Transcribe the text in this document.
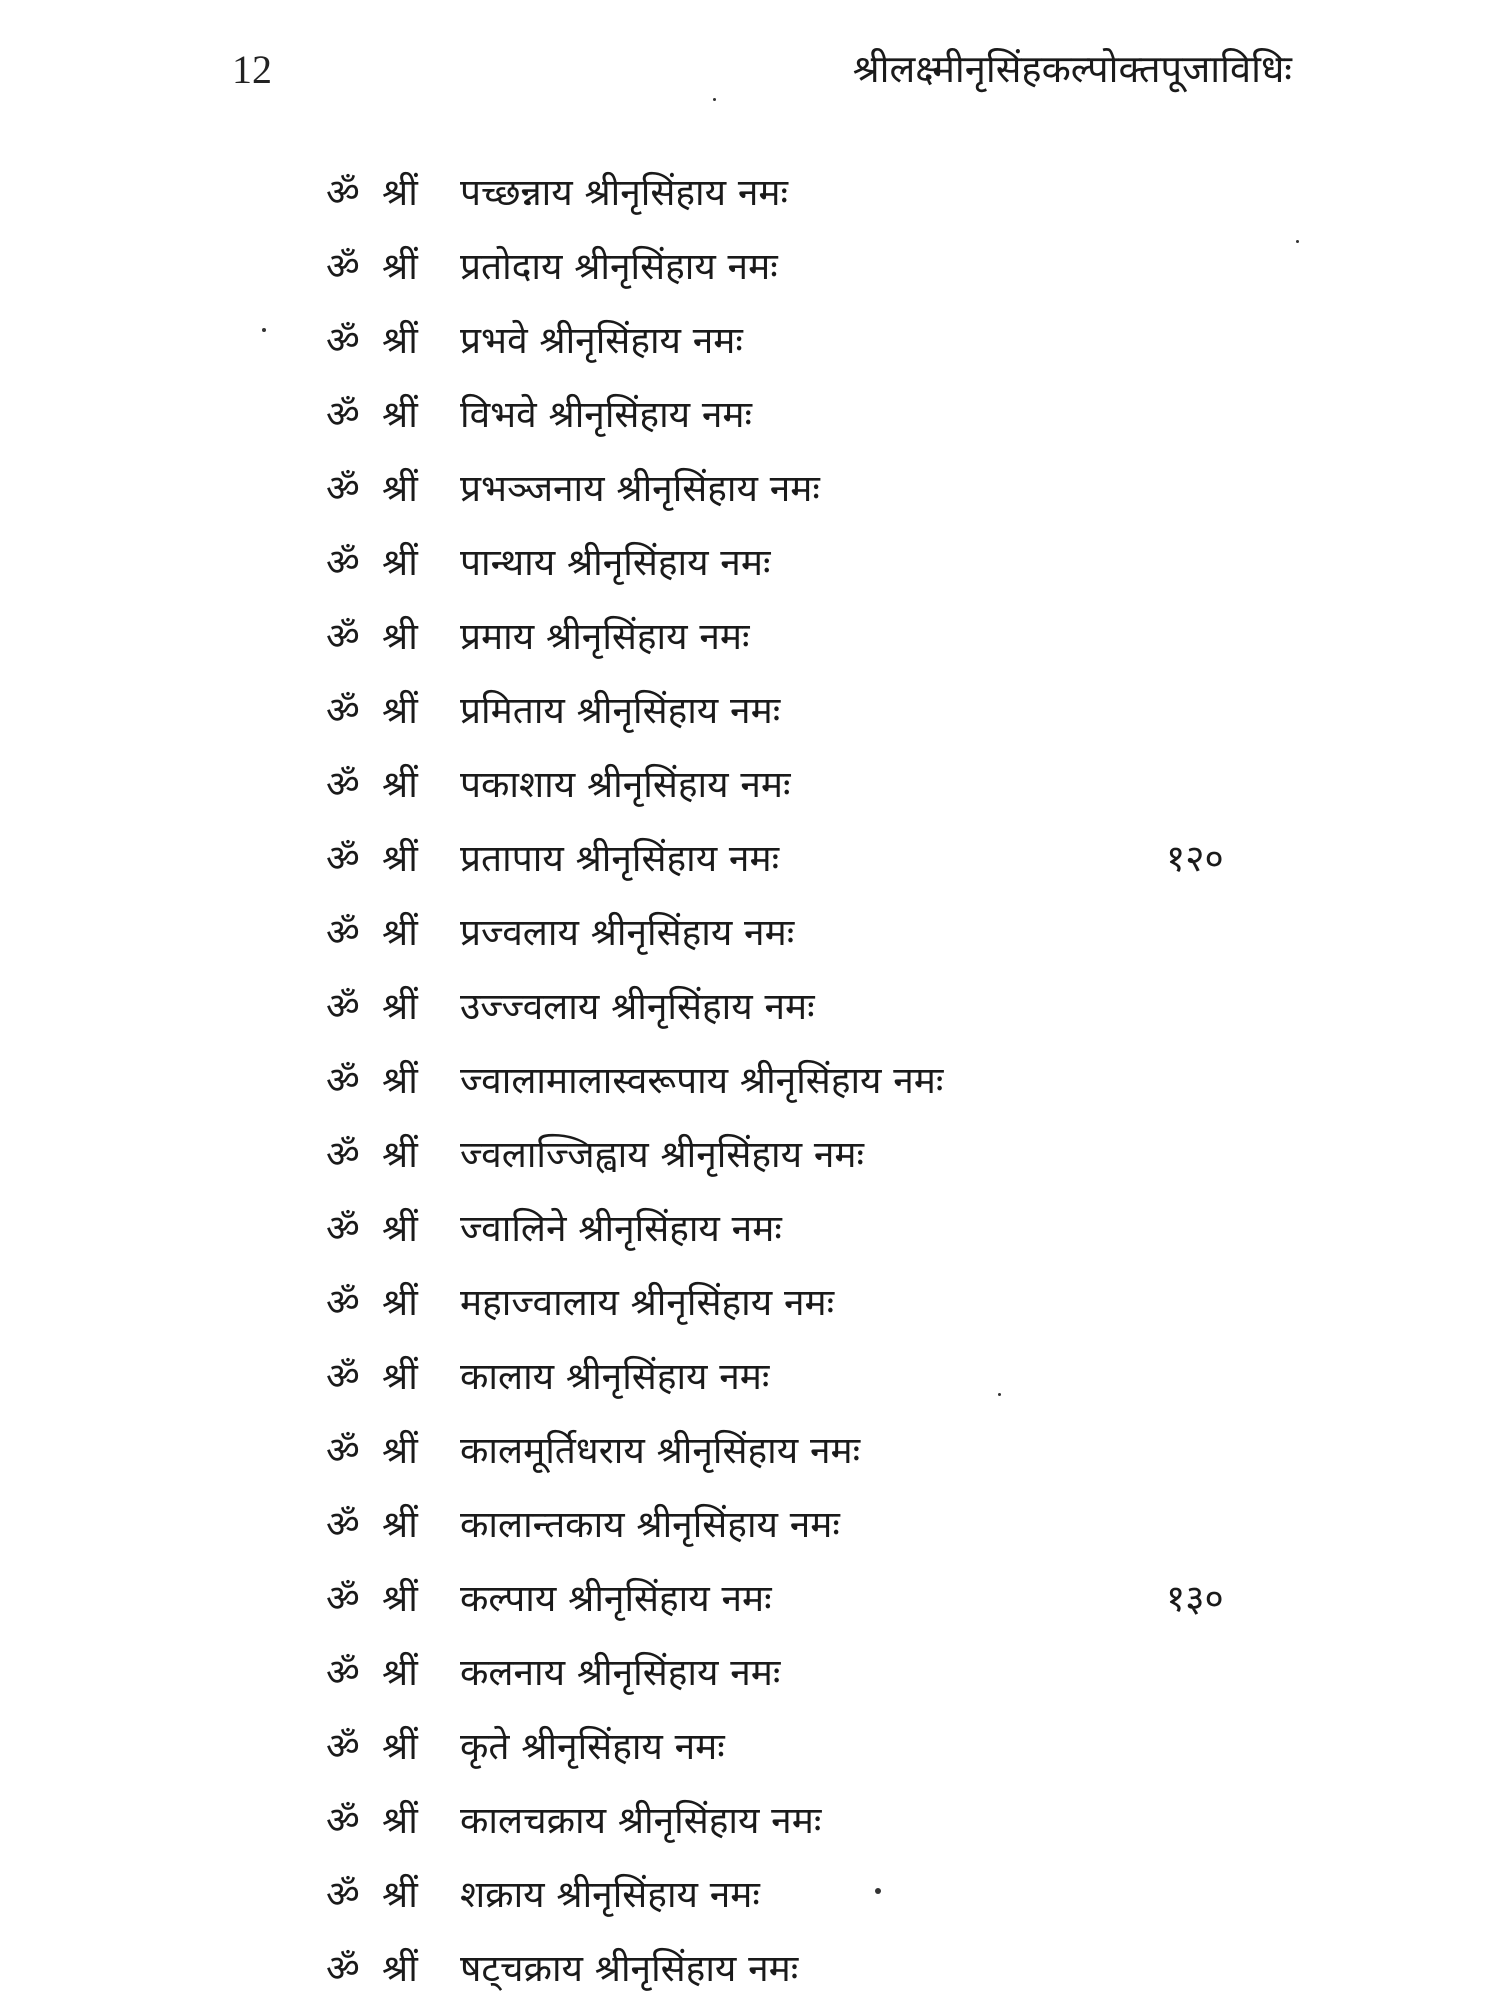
12	श्रीलक्ष्मीनृसिंहकल्पोक्तपूजाविधिः
ॐ श्रीं पच्छन्नाय श्रीनृसिंहाय नमः
ॐ श्रीं प्रतोदाय श्रीनृसिंहाय नमः
ॐ श्रीं प्रभवे श्रीनृसिंहाय नमः
ॐ श्रीं विभवे श्रीनृसिंहाय नमः
ॐ श्रीं प्रभञ्जनाय श्रीनृसिंहाय नमः
ॐ श्रीं पान्थाय श्रीनृसिंहाय नमः
ॐ श्री प्रमाय श्रीनृसिंहाय नमः
ॐ श्रीं प्रमिताय श्रीनृसिंहाय नमः
ॐ श्रीं पकाशाय श्रीनृसिंहाय नमः
ॐ श्रीं प्रतापाय श्रीनृसिंहाय नमः	१२०
ॐ श्रीं प्रज्वलाय श्रीनृसिंहाय नमः
ॐ श्रीं उज्ज्वलाय श्रीनृसिंहाय नमः
ॐ श्रीं ज्वालामालास्वरूपाय श्रीनृसिंहाय नमः
ॐ श्रीं ज्वलाज्जिह्वाय श्रीनृसिंहाय नमः
ॐ श्रीं ज्वालिने श्रीनृसिंहाय नमः
ॐ श्रीं महाज्वालाय श्रीनृसिंहाय नमः
ॐ श्रीं कालाय श्रीनृसिंहाय नमः
ॐ श्रीं कालमूर्तिधराय श्रीनृसिंहाय नमः
ॐ श्रीं कालान्तकाय श्रीनृसिंहाय नमः
ॐ श्रीं कल्पाय श्रीनृसिंहाय नमः	१३०
ॐ श्रीं कलनाय श्रीनृसिंहाय नमः
ॐ श्रीं कृते श्रीनृसिंहाय नमः
ॐ श्रीं कालचक्राय श्रीनृसिंहाय नमः
ॐ श्रीं शक्राय श्रीनृसिंहाय नमः
ॐ श्रीं षट्चक्राय श्रीनृसिंहाय नमः
